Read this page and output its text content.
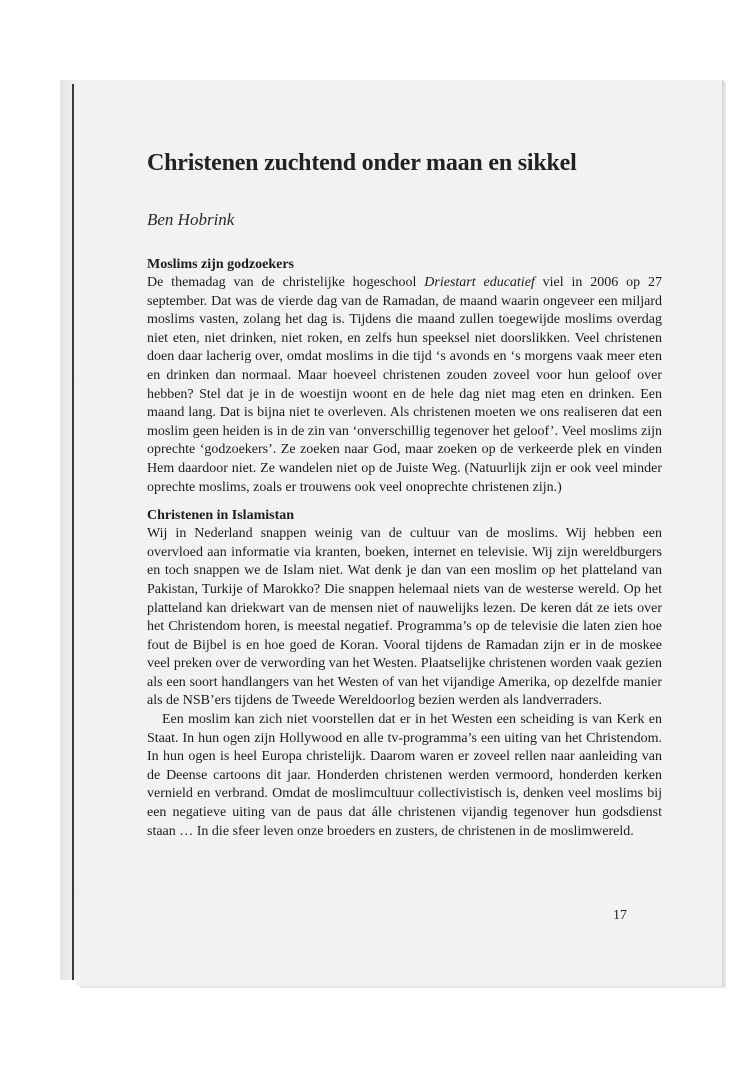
Christenen zuchtend onder maan en sikkel

Ben Hobrink

Moslims zijn godzoekers

De themadag van de christelijke hogeschool Driestart educatief viel in 2006 op 27 september. Dat was de vierde dag van de Ramadan, de maand waarin ongeveer een miljard moslims vasten, zolang het dag is. Tijdens die maand zullen toegewijde moslims overdag niet eten, niet drinken, niet roken, en zelfs hun speeksel niet doorslikken. Veel christenen doen daar lacherig over, omdat moslims in die tijd ‘s avonds en ‘s morgens vaak meer eten en drinken dan normaal. Maar hoeveel christenen zouden zoveel voor hun geloof over hebben? Stel dat je in de woestijn woont en de hele dag niet mag eten en drinken. Een maand lang. Dat is bijna niet te overleven. Als christenen moeten we ons realiseren dat een moslim geen heiden is in de zin van ‘onverschillig tegenover het geloof’. Veel moslims zijn oprechte ‘godzoekers’. Ze zoeken naar God, maar zoeken op de verkeerde plek en vinden Hem daardoor niet. Ze wandelen niet op de Juiste Weg. (Natuurlijk zijn er ook veel minder oprechte moslims, zoals er trouwens ook veel onoprechte christenen zijn.)

Christenen in Islamistan

Wij in Nederland snappen weinig van de cultuur van de moslims. Wij hebben een overvloed aan informatie via kranten, boeken, internet en televisie. Wij zijn wereldburgers en toch snappen we de Islam niet. Wat denk je dan van een moslim op het platteland van Pakistan, Turkije of Marokko? Die snappen helemaal niets van de westerse wereld. Op het platteland kan driekwart van de mensen niet of nauwelijks lezen. De keren dát ze iets over het Christendom horen, is meestal negatief. Programma’s op de televisie die laten zien hoe fout de Bijbel is en hoe goed de Koran. Vooral tijdens de Ramadan zijn er in de moskee veel preken over de verwording van het Westen. Plaatselijke christenen worden vaak gezien als een soort handlangers van het Westen of van het vijandige Amerika, op dezelfde manier als de NSB’ers tijdens de Tweede Wereldoorlog bezien werden als landverraders.

Een moslim kan zich niet voorstellen dat er in het Westen een scheiding is van Kerk en Staat. In hun ogen zijn Hollywood en alle tv-programma’s een uiting van het Christendom. In hun ogen is heel Europa christelijk. Daarom waren er zoveel rellen naar aanleiding van de Deense cartoons dit jaar. Honderden christenen werden vermoord, honderden kerken vernield en verbrand. Omdat de moslimcultuur collectivistisch is, denken veel moslims bij een negatieve uiting van de paus dat álle christenen vijandig tegenover hun godsdienst staan … In die sfeer leven onze broeders en zusters, de christenen in de moslimwereld.

17
